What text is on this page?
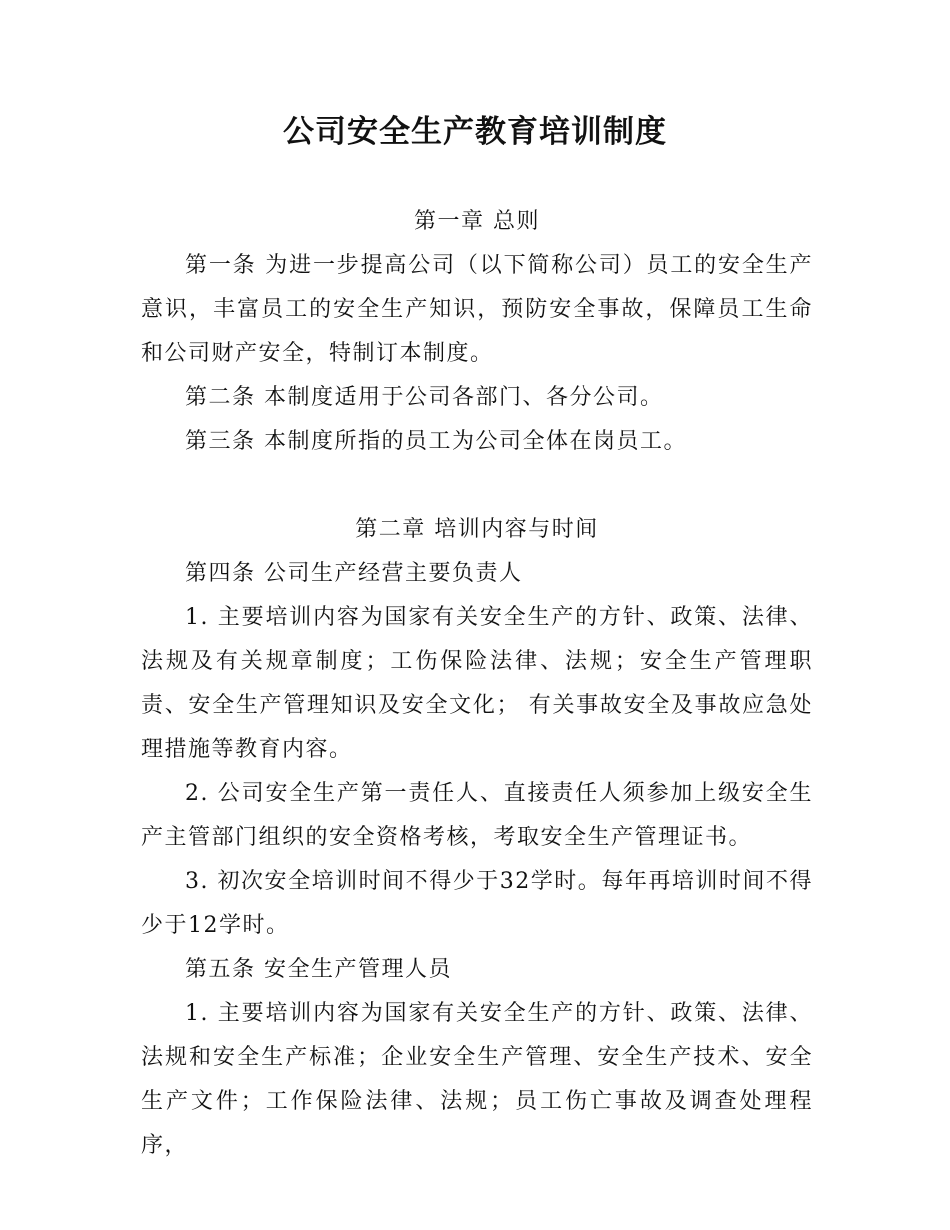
公司安全生产教育培训制度

第一章 总则

第一条 为进一步提高公司（以下简称公司）员工的安全生产意识，丰富员工的安全生产知识，预防安全事故，保障员工生命和公司财产安全，特制订本制度。

第二条 本制度适用于公司各部门、各分公司。

第三条 本制度所指的员工为公司全体在岗员工。

第二章 培训内容与时间

第四条 公司生产经营主要负责人

1. 主要培训内容为国家有关安全生产的方针、政策、法律、法规及有关规章制度；工伤保险法律、法规；安全生产管理职责、安全生产管理知识及安全文化； 有关事故安全及事故应急处理措施等教育内容。

2. 公司安全生产第一责任人、直接责任人须参加上级安全生产主管部门组织的安全资格考核，考取安全生产管理证书。

3. 初次安全培训时间不得少于32学时。每年再培训时间不得少于12学时。

第五条 安全生产管理人员

1. 主要培训内容为国家有关安全生产的方针、政策、法律、法规和安全生产标准；企业安全生产管理、安全生产技术、安全生产文件；工作保险法律、法规；员工伤亡事故及调查处理程序，
